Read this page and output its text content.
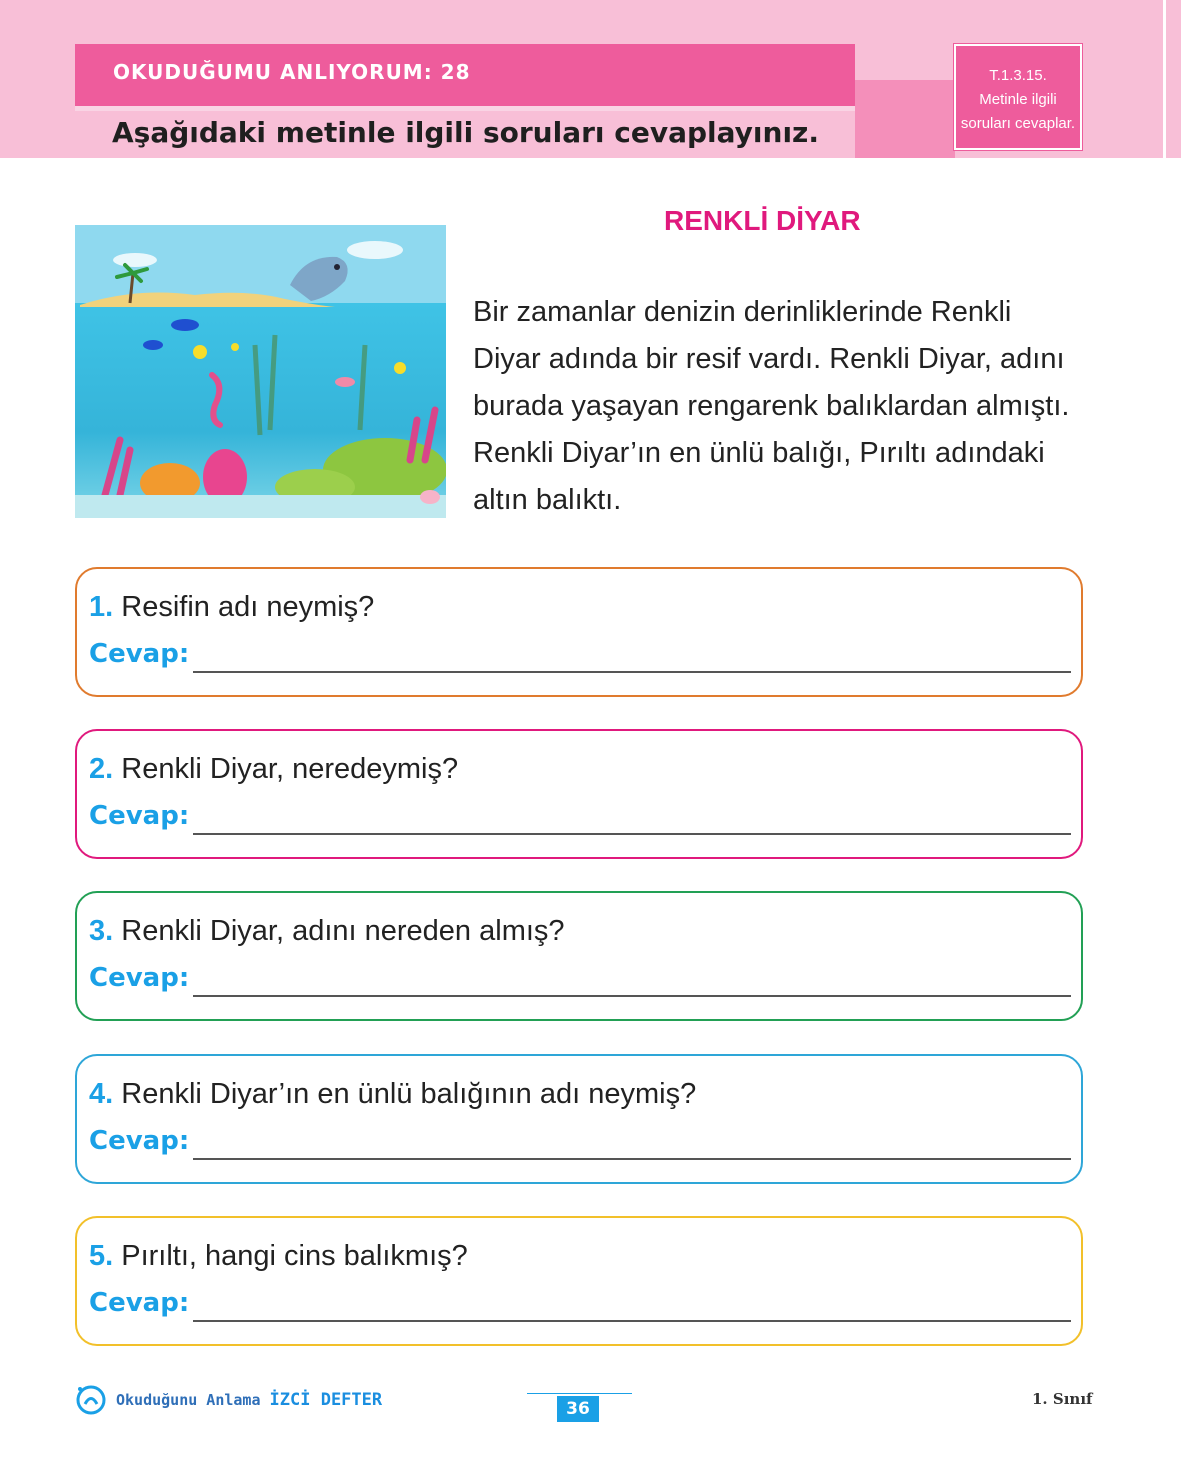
OKUDUĞUMU ANLIYORUM: 28
Aşağıdaki metinle ilgili soruları cevaplayınız.
T.1.3.15.
Metinle ilgili
soruları cevaplar.
RENKLİ DİYAR

Bir zamanlar denizin derinliklerinde Renkli Diyar adında bir resif vardı. Renkli Diyar, adını burada yaşayan rengarenk balıklardan almıştı. Renkli Diyar’ın en ünlü balığı, Pırıltı adındaki altın balıktı.

1. Resifin adı neymiş?
Cevap:
2. Renkli Diyar, neredeymiş?
Cevap:
3. Renkli Diyar, adını nereden almış?
Cevap:
4. Renkli Diyar’ın en ünlü balığının adı neymiş?
Cevap:
5. Pırıltı, hangi cins balıkmış?
Cevap:
Okuduğunu Anlama İZCİ DEFTER	36	1. Sınıf
